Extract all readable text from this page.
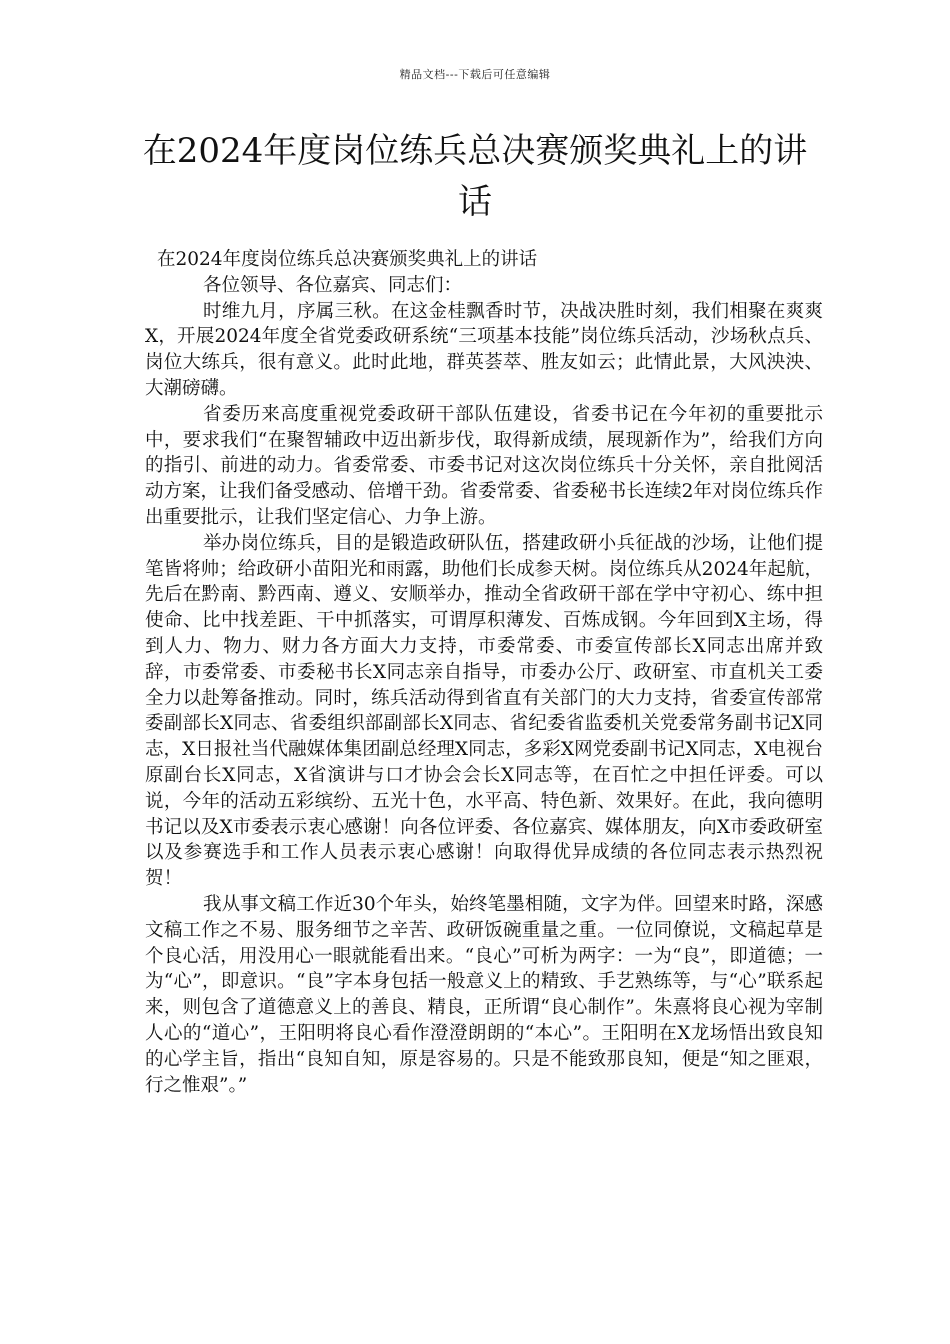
精品文档---下载后可任意编辑
在2024年度岗位练兵总决赛颁奖典礼上的讲话

在2024年度岗位练兵总决赛颁奖典礼上的讲话

各位领导、各位嘉宾、同志们：

时维九月，序属三秋。在这金桂飘香时节，决战决胜时刻，我们相聚在爽爽X，开展2024年度全省党委政研系统“三项基本技能”岗位练兵活动，沙场秋点兵、岗位大练兵，很有意义。此时此地，群英荟萃、胜友如云；此情此景，大风泱泱、大潮磅礴。

省委历来高度重视党委政研干部队伍建设，省委书记在今年初的重要批示中，要求我们“在聚智辅政中迈出新步伐，取得新成绩，展现新作为”，给我们方向的指引、前进的动力。省委常委、市委书记对这次岗位练兵十分关怀，亲自批阅活动方案，让我们备受感动、倍增干劲。省委常委、省委秘书长连续2年对岗位练兵作出重要批示，让我们坚定信心、力争上游。

举办岗位练兵，目的是锻造政研队伍，搭建政研小兵征战的沙场，让他们提笔皆将帅；给政研小苗阳光和雨露，助他们长成参天树。岗位练兵从2024年起航，先后在黔南、黔西南、遵义、安顺举办，推动全省政研干部在学中守初心、练中担使命、比中找差距、干中抓落实，可谓厚积薄发、百炼成钢。今年回到X主场，得到人力、物力、财力各方面大力支持，市委常委、市委宣传部长X同志出席并致辞，市委常委、市委秘书长X同志亲自指导，市委办公厅、政研室、市直机关工委全力以赴筹备推动。同时，练兵活动得到省直有关部门的大力支持，省委宣传部常委副部长X同志、省委组织部副部长X同志、省纪委省监委机关党委常务副书记X同志，X日报社当代融媒体集团副总经理X同志，多彩X网党委副书记X同志，X电视台原副台长X同志，X省演讲与口才协会会长X同志等，在百忙之中担任评委。可以说，今年的活动五彩缤纷、五光十色，水平高、特色新、效果好。在此，我向德明书记以及X市委表示衷心感谢！向各位评委、各位嘉宾、媒体朋友，向X市委政研室以及参赛选手和工作人员表示衷心感谢！向取得优异成绩的各位同志表示热烈祝贺！

我从事文稿工作近30个年头，始终笔墨相随，文字为伴。回望来时路，深感文稿工作之不易、服务细节之辛苦、政研饭碗重量之重。一位同僚说，文稿起草是个良心活，用没用心一眼就能看出来。“良心”可析为两字：一为“良”，即道德；一为“心”，即意识。“良”字本身包括一般意义上的精致、手艺熟练等，与“心”联系起来，则包含了道德意义上的善良、精良，正所谓“良心制作”。朱熹将良心视为宰制人心的“道心”，王阳明将良心看作澄澄朗朗的“本心”。王阳明在X龙场悟出致良知的心学主旨，指出“良知自知，原是容易的。只是不能致那良知，便是“知之匪艰，行之惟艰”。”
